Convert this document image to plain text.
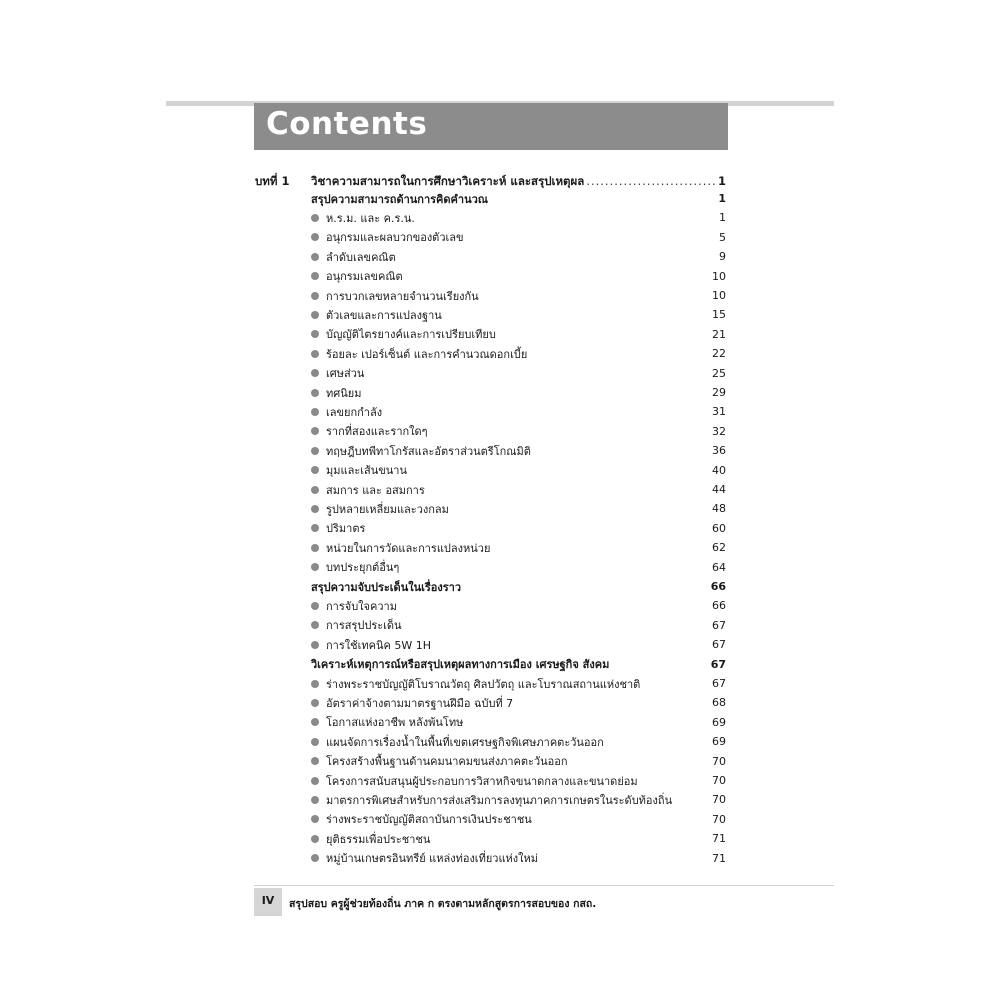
Contents
บทที่ 1 วิชาความสามารถในการศึกษาวิเคราะห์ และสรุปเหตุผล .....	1
สรุปความสามารถด้านการคิดคำนวณ	1
ห.ร.ม. และ ค.ร.น.	1
อนุกรมและผลบวกของตัวเลข	5
ลำดับเลขคณิต	9
อนุกรมเลขคณิต	10
การบวกเลขหลายจำนวนเรียงกัน	10
ตัวเลขและการแปลงฐาน	15
บัญญัติไตรยางค์และการเปรียบเทียบ	21
ร้อยละ เปอร์เซ็นต์ และการคำนวณดอกเบี้ย	22
เศษส่วน	25
ทศนิยม	29
เลขยกกำลัง	31
รากที่สองและรากใดๆ	32
ทฤษฎีบทพีทาโกรัสและอัตราส่วนตรีโกณมิติ	36
มุมและเส้นขนาน	40
สมการ และ อสมการ	44
รูปหลายเหลี่ยมและวงกลม	48
ปริมาตร	60
หน่วยในการวัดและการแปลงหน่วย	62
บทประยุกต์อื่นๆ	64
สรุปความจับประเด็นในเรื่องราว	66
การจับใจความ	66
การสรุปประเด็น	67
การใช้เทคนิค 5W 1H	67
วิเคราะห์เหตุการณ์หรือสรุปเหตุผลทางการเมือง เศรษฐกิจ สังคม	67
ร่างพระราชบัญญัติโบราณวัตถุ ศิลปวัตถุ และโบราณสถานแห่งชาติ	67
อัตราค่าจ้างตามมาตรฐานฝีมือ ฉบับที่ 7	68
โอกาสแห่งอาชีพ หลังพ้นโทษ	69
แผนจัดการเรื่องน้ำในพื้นที่เขตเศรษฐกิจพิเศษภาคตะวันออก	69
โครงสร้างพื้นฐานด้านคมนาคมขนส่งภาคตะวันออก	70
โครงการสนับสนุนผู้ประกอบการวิสาหกิจขนาดกลางและขนาดย่อม	70
มาตรการพิเศษสำหรับการส่งเสริมการลงทุนภาคการเกษตรในระดับท้องถิ่น	70
ร่างพระราชบัญญัติสถาบันการเงินประชาชน	70
ยุติธรรมเพื่อประชาชน	71
หมู่บ้านเกษตรอินทรีย์ แหล่งท่องเที่ยวแห่งใหม่	71
IV	สรุปสอบ ครูผู้ช่วยท้องถิ่น ภาค ก ตรงตามหลักสูตรการสอบของ กสถ.
